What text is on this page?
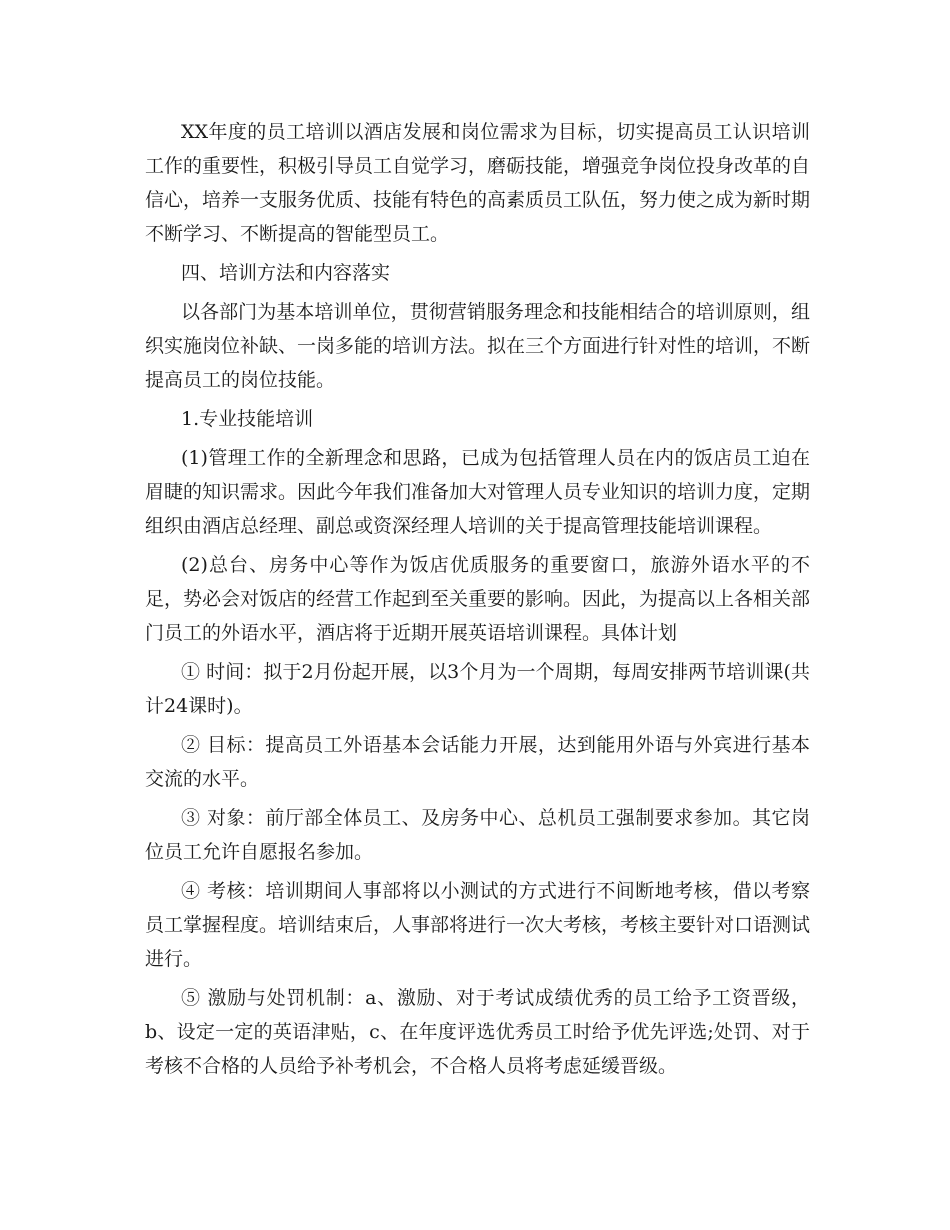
XX年度的员工培训以酒店发展和岗位需求为目标，切实提高员工认识培训工作的重要性，积极引导员工自觉学习，磨砺技能，增强竞争岗位投身改革的自信心，培养一支服务优质、技能有特色的高素质员工队伍，努力使之成为新时期不断学习、不断提高的智能型员工。

四、培训方法和内容落实

以各部门为基本培训单位，贯彻营销服务理念和技能相结合的培训原则，组织实施岗位补缺、一岗多能的培训方法。拟在三个方面进行针对性的培训，不断提高员工的岗位技能。

1.专业技能培训

(1)管理工作的全新理念和思路，已成为包括管理人员在内的饭店员工迫在眉睫的知识需求。因此今年我们准备加大对管理人员专业知识的培训力度，定期组织由酒店总经理、副总或资深经理人培训的关于提高管理技能培训课程。

(2)总台、房务中心等作为饭店优质服务的重要窗口，旅游外语水平的不足，势必会对饭店的经营工作起到至关重要的影响。因此，为提高以上各相关部门员工的外语水平，酒店将于近期开展英语培训课程。具体计划

① 时间：拟于2月份起开展，以3个月为一个周期，每周安排两节培训课(共计24课时)。

② 目标：提高员工外语基本会话能力开展，达到能用外语与外宾进行基本交流的水平。

③ 对象：前厅部全体员工、及房务中心、总机员工强制要求参加。其它岗位员工允许自愿报名参加。

④ 考核：培训期间人事部将以小测试的方式进行不间断地考核，借以考察员工掌握程度。培训结束后，人事部将进行一次大考核，考核主要针对口语测试进行。

⑤ 激励与处罚机制：a、激励、对于考试成绩优秀的员工给予工资晋级，b、设定一定的英语津贴，c、在年度评选优秀员工时给予优先评选;处罚、对于考核不合格的人员给予补考机会，不合格人员将考虑延缓晋级。
